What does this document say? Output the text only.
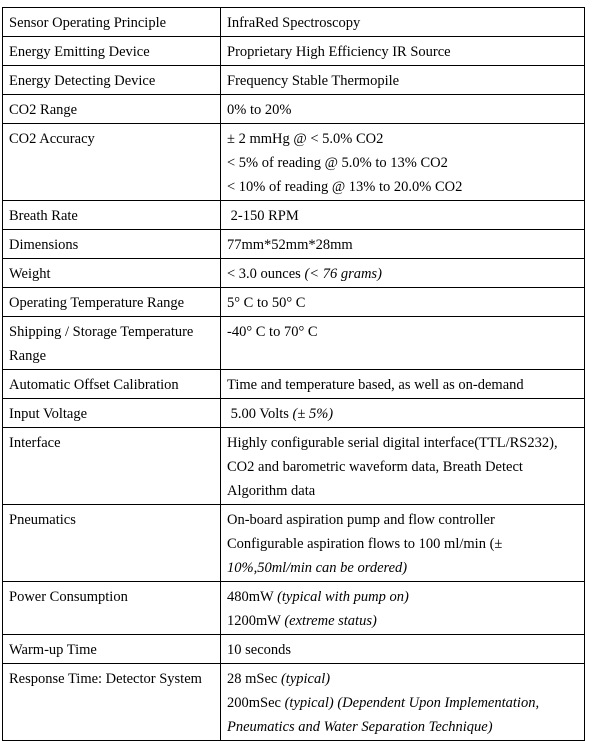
Sensor Operating Principle	InfraRed Spectroscopy

Energy Emitting Device	Proprietary High Efficiency IR Source

Energy Detecting Device	Frequency Stable Thermopile

CO2 Range	0% to 20%

CO2 Accuracy	± 2 mmHg @ < 5.0% CO2
< 5% of reading @ 5.0% to 13% CO2
< 10% of reading @ 13% to 20.0% CO2

Breath Rate	2-150 RPM

Dimensions	77mm*52mm*28mm

Weight	< 3.0 ounces (< 76 grams)

Operating Temperature Range	5° C to 50° C

Shipping / Storage Temperature Range	-40° C to 70° C

Automatic Offset Calibration	Time and temperature based, as well as on-demand

Input Voltage	5.00 Volts (± 5%)

Interface	Highly configurable serial digital interface(TTL/RS232),
CO2 and barometric waveform data, Breath Detect
Algorithm data

Pneumatics	On-board aspiration pump and flow controller
Configurable aspiration flows to 100 ml/min (±
10%,50ml/min can be ordered)

Power Consumption	480mW (typical with pump on)
1200mW (extreme status)

Warm-up Time	10 seconds

Response Time: Detector System	28 mSec (typical)
200mSec (typical) (Dependent Upon Implementation,
Pneumatics and Water Separation Technique)
